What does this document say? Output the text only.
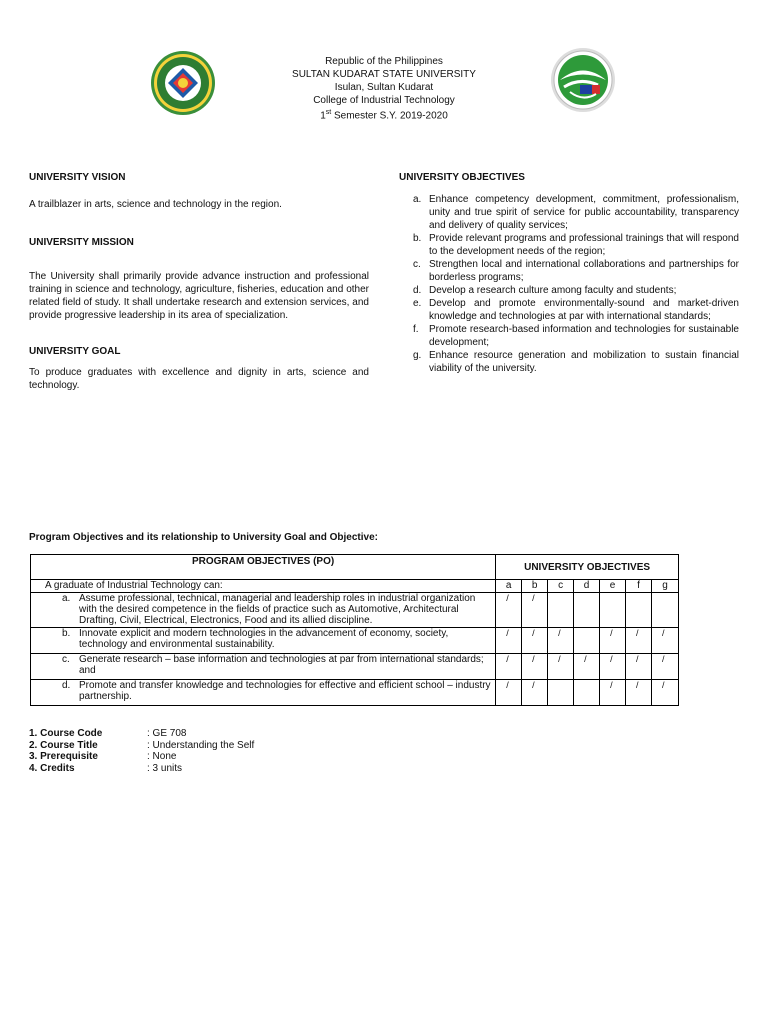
Republic of the Philippines
SULTAN KUDARAT STATE UNIVERSITY
Isulan, Sultan Kudarat
College of Industrial Technology
1st Semester S.Y. 2019-2020
UNIVERSITY VISION
A trailblazer in arts, science and technology in the region.
UNIVERSITY MISSION
The University shall primarily provide advance instruction and professional training in science and technology, agriculture, fisheries, education and other related field of study. It shall undertake research and extension services, and provide progressive leadership in its area of specialization.
UNIVERSITY GOAL
To produce graduates with excellence and dignity in arts, science and technology.
UNIVERSITY OBJECTIVES
a. Enhance competency development, commitment, professionalism, unity and true spirit of service for public accountability, transparency and delivery of quality services;
b. Provide relevant programs and professional trainings that will respond to the development needs of the region;
c. Strengthen local and international collaborations and partnerships for borderless programs;
d. Develop a research culture among faculty and students;
e. Develop and promote environmentally-sound and market-driven knowledge and technologies at par with international standards;
f. Promote research-based information and technologies for sustainable development;
g. Enhance resource generation and mobilization to sustain financial viability of the university.
Program Objectives and its relationship to University Goal and Objective:
PROGRAM OBJECTIVES (PO)	UNIVERSITY OBJECTIVES						
A graduate of Industrial Technology can:	a	b	c	d	e	f	g

a. Assume professional, technical, managerial and leadership roles in industrial organization with the desired competence in the fields of practice such as Automotive, Architectural Drafting, Civil, Electrical, Electronics, Food and its allied discipline.	/	/					

b. Innovate explicit and modern technologies in the advancement of economy, society, technology and environmental sustainability.	/	/	/		/	/	/

c. Generate research – base information and technologies at par from international standards; and	/	/	/	/	/	/	/

d. Promote and transfer knowledge and technologies for effective and efficient school – industry partnership.	/	/			/	/	/
1. Course Code	: GE 708
2. Course Title	: Understanding the Self
3. Prerequisite	: None
4. Credits	: 3 units
